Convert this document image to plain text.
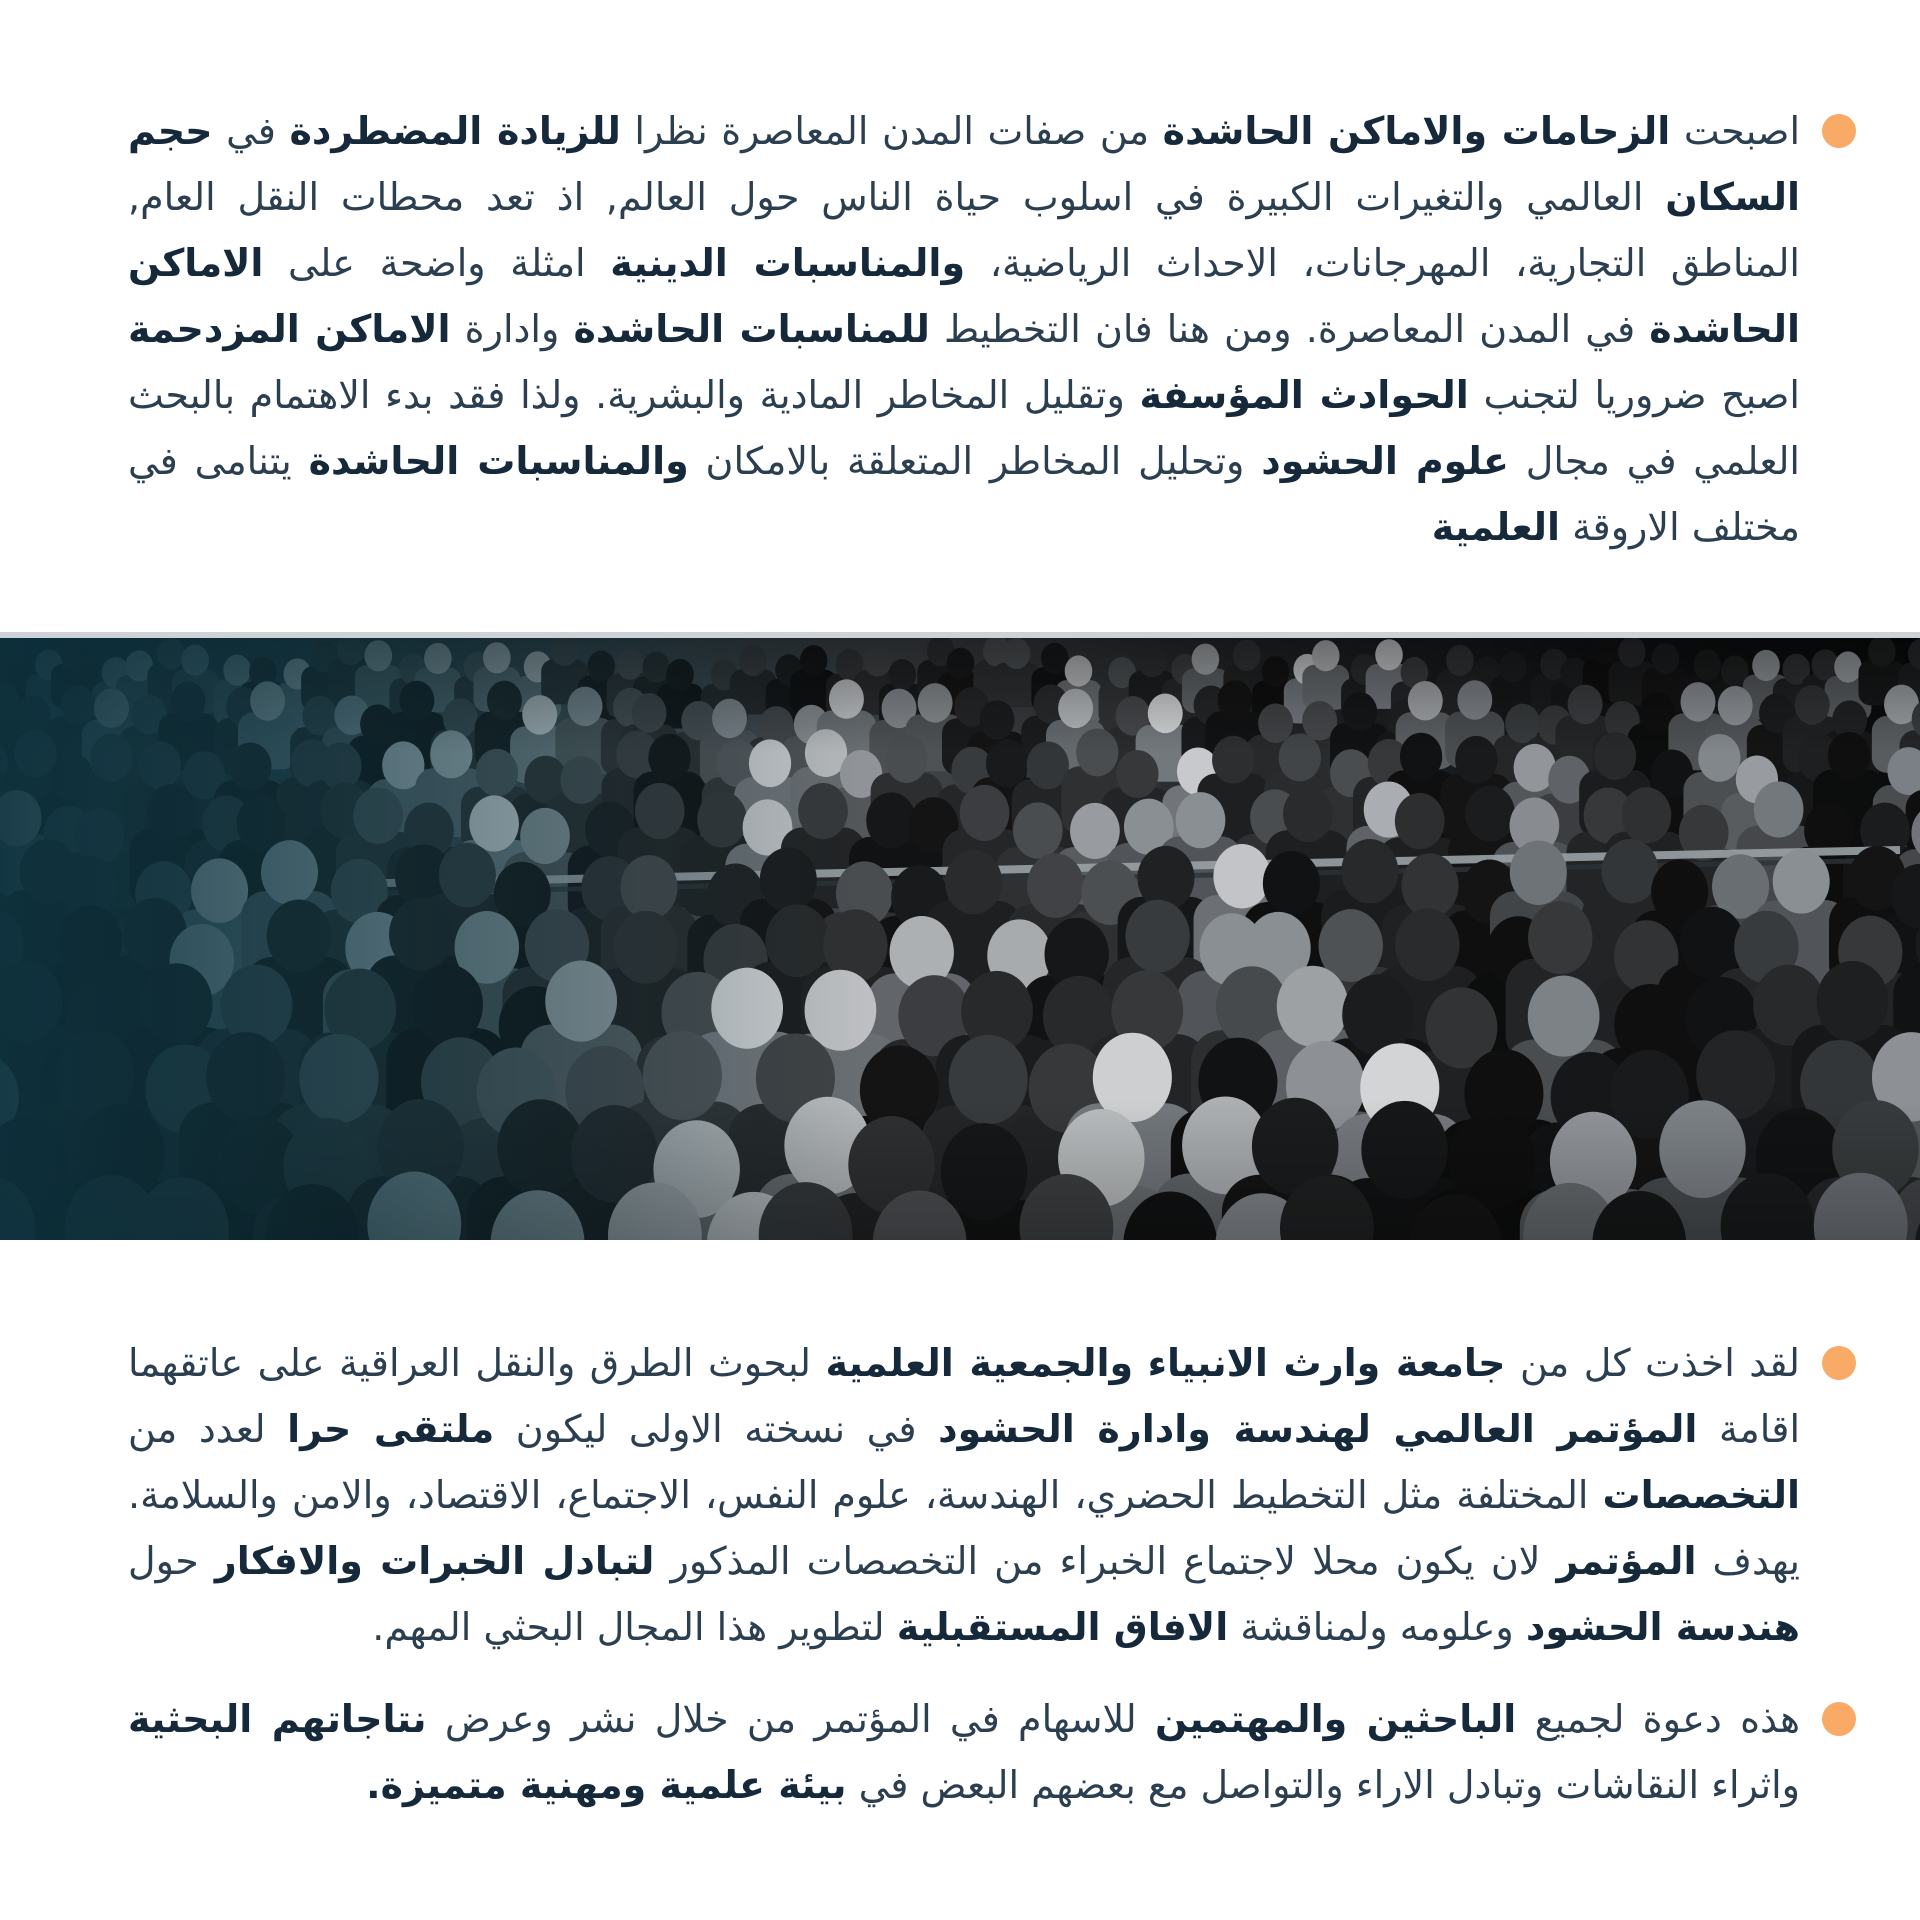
اصبحت الزحامات والاماكن الحاشدة من صفات المدن المعاصرة نظرا للزيادة المضطردة في حجم السكان العالمي والتغيرات الكبيرة في اسلوب حياة الناس حول العالم, اذ تعد محطات النقل العام, المناطق التجارية، المهرجانات، الاحداث الرياضية، والمناسبات الدينية امثلة واضحة على الاماكن الحاشدة في المدن المعاصرة. ومن هنا فان التخطيط للمناسبات الحاشدة وادارة الاماكن المزدحمة اصبح ضروريا لتجنب الحوادث المؤسفة وتقليل المخاطر المادية والبشرية. ولذا فقد بدء الاهتمام بالبحث العلمي في مجال علوم الحشود وتحليل المخاطر المتعلقة بالامكان والمناسبات الحاشدة يتنامى في مختلف الاروقة العلمية

لقد اخذت كل من جامعة وارث الانبياء والجمعية العلمية لبحوث الطرق والنقل العراقية على عاتقهما اقامة المؤتمر العالمي لهندسة وادارة الحشود في نسخته الاولى ليكون ملتقى حرا لعدد من التخصصات المختلفة مثل التخطيط الحضري، الهندسة، علوم النفس، الاجتماع، الاقتصاد، والامن والسلامة. يهدف المؤتمر لان يكون محلا لاجتماع الخبراء من التخصصات المذكور لتبادل الخبرات والافكار حول هندسة الحشود وعلومه ولمناقشة الافاق المستقبلية لتطوير هذا المجال البحثي المهم.

هذه دعوة لجميع الباحثين والمهتمين للاسهام في المؤتمر من خلال نشر وعرض نتاجاتهم البحثية واثراء النقاشات وتبادل الاراء والتواصل مع بعضهم البعض في بيئة علمية ومهنية متميزة.
